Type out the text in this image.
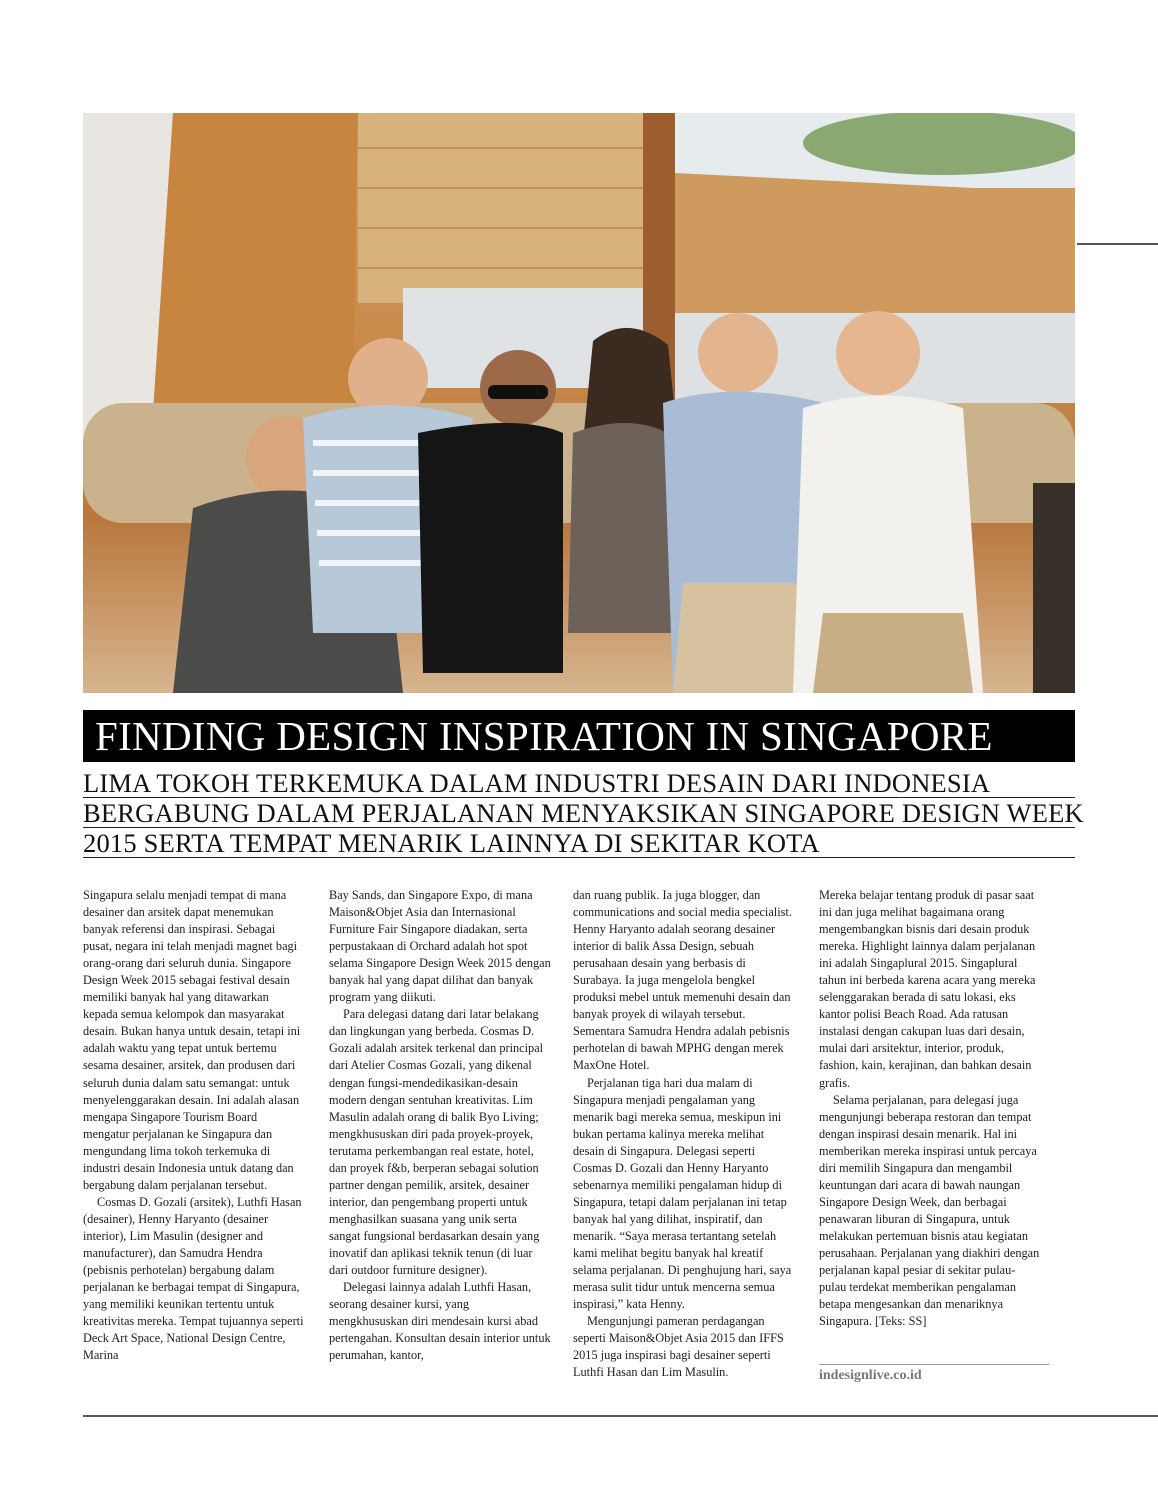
FINDING DESIGN INSPIRATION IN SINGAPORE
LIMA TOKOH TERKEMUKA DALAM INDUSTRI DESAIN DARI INDONESIA
BERGABUNG DALAM PERJALANAN MENYAKSIKAN SINGAPORE DESIGN WEEK
2015 SERTA TEMPAT MENARIK LAINNYA DI SEKITAR KOTA

Singapura selalu menjadi tempat di mana desainer dan arsitek dapat menemukan banyak referensi dan inspirasi. Sebagai pusat, negara ini telah menjadi magnet bagi orang-orang dari seluruh dunia. Singapore Design Week 2015 sebagai festival desain memiliki banyak hal yang ditawarkan kepada semua kelompok dan masyarakat desain. Bukan hanya untuk desain, tetapi ini adalah waktu yang tepat untuk bertemu sesama desainer, arsitek, dan produsen dari seluruh dunia dalam satu semangat: untuk menyelenggarakan desain. Ini adalah alasan mengapa Singapore Tourism Board mengatur perjalanan ke Singapura dan mengundang lima tokoh terkemuka di industri desain Indonesia untuk datang dan bergabung dalam perjalanan tersebut.

Cosmas D. Gozali (arsitek), Luthfi Hasan (desainer), Henny Haryanto (desainer interior), Lim Masulin (designer and manufacturer), dan Samudra Hendra (pebisnis perhotelan) bergabung dalam perjalanan ke berbagai tempat di Singapura, yang memiliki keunikan tertentu untuk kreativitas mereka. Tempat tujuannya seperti Deck Art Space, National Design Centre, Marina

Bay Sands, dan Singapore Expo, di mana Maison&Objet Asia dan Internasional Furniture Fair Singapore diadakan, serta perpustakaan di Orchard adalah hot spot selama Singapore Design Week 2015 dengan banyak hal yang dapat dilihat dan banyak program yang diikuti.

Para delegasi datang dari latar belakang dan lingkungan yang berbeda. Cosmas D. Gozali adalah arsitek terkenal dan principal dari Atelier Cosmas Gozali, yang dikenal dengan fungsi-mendedikasikan-desain modern dengan sentuhan kreativitas. Lim Masulin adalah orang di balik Byo Living; mengkhususkan diri pada proyek-proyek, terutama perkembangan real estate, hotel, dan proyek f&b, berperan sebagai solution partner dengan pemilik, arsitek, desainer interior, dan pengembang properti untuk menghasilkan suasana yang unik serta sangat fungsional berdasarkan desain yang inovatif dan aplikasi teknik tenun (di luar dari outdoor furniture designer).

Delegasi lainnya adalah Luthfi Hasan, seorang desainer kursi, yang mengkhususkan diri mendesain kursi abad pertengahan. Konsultan desain interior untuk perumahan, kantor,

dan ruang publik. Ia juga blogger, dan communications and social media specialist. Henny Haryanto adalah seorang desainer interior di balik Assa Design, sebuah perusahaan desain yang berbasis di Surabaya. Ia juga mengelola bengkel produksi mebel untuk memenuhi desain dan banyak proyek di wilayah tersebut. Sementara Samudra Hendra adalah pebisnis perhotelan di bawah MPHG dengan merek MaxOne Hotel.

Perjalanan tiga hari dua malam di Singapura menjadi pengalaman yang menarik bagi mereka semua, meskipun ini bukan pertama kalinya mereka melihat desain di Singapura. Delegasi seperti Cosmas D. Gozali dan Henny Haryanto sebenarnya memiliki pengalaman hidup di Singapura, tetapi dalam perjalanan ini tetap banyak hal yang dilihat, inspiratif, dan menarik. “Saya merasa tertantang setelah kami melihat begitu banyak hal kreatif selama perjalanan. Di penghujung hari, saya merasa sulit tidur untuk mencerna semua inspirasi,” kata Henny.

Mengunjungi pameran perdagangan seperti Maison&Objet Asia 2015 dan IFFS 2015 juga inspirasi bagi desainer seperti Luthfi Hasan dan Lim Masulin.

Mereka belajar tentang produk di pasar saat ini dan juga melihat bagaimana orang mengembangkan bisnis dari desain produk mereka. Highlight lainnya dalam perjalanan ini adalah Singaplural 2015. Singaplural tahun ini berbeda karena acara yang mereka selenggarakan berada di satu lokasi, eks kantor polisi Beach Road. Ada ratusan instalasi dengan cakupan luas dari desain, mulai dari arsitektur, interior, produk, fashion, kain, kerajinan, dan bahkan desain grafis.

Selama perjalanan, para delegasi juga mengunjungi beberapa restoran dan tempat dengan inspirasi desain menarik. Hal ini memberikan mereka inspirasi untuk percaya diri memilih Singapura dan mengambil keuntungan dari acara di bawah naungan Singapore Design Week, dan berbagai penawaran liburan di Singapura, untuk melakukan pertemuan bisnis atau kegiatan perusahaan. Perjalanan yang diakhiri dengan perjalanan kapal pesiar di sekitar pulau-pulau terdekat memberikan pengalaman betapa mengesankan dan menariknya Singapura. [Teks: SS]

indesignlive.co.id
